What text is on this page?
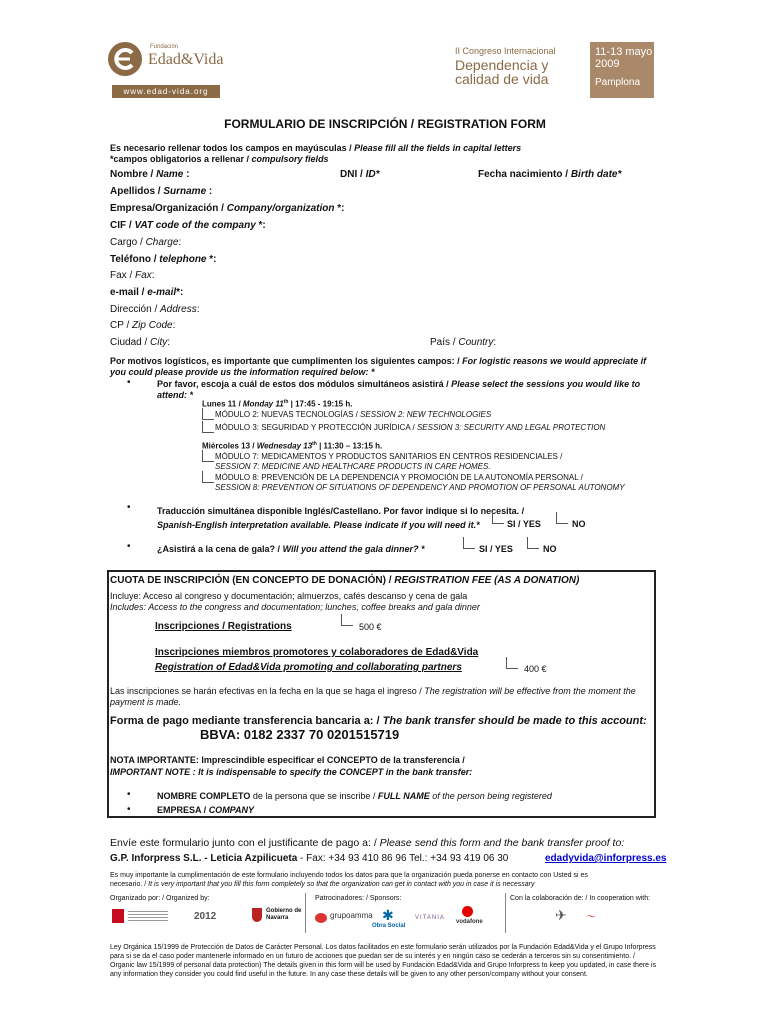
Fundación
Edad&Vida
www.edad-vida.org
II Congreso Internacional
Dependencia y
calidad de vida
11-13 mayo
2009
Pamplona
FORMULARIO DE INSCRIPCIÓN / REGISTRATION FORM
Es necesario rellenar todos los campos en mayúsculas / Please fill all the fields in capital letters
*campos obligatorios a rellenar / compulsory fields
Nombre / Name :	DNI / ID*	Fecha nacimiento / Birth date*
Apellidos / Surname :
Empresa/Organización / Company/organization *:
CIF / VAT code of the company *:
Cargo / Charge:
Teléfono / telephone *:
Fax / Fax:
e-mail / e-mail*:
Dirección / Address:
CP / Zip Code:
Ciudad / City:	País / Country:
Por motivos logísticos, es importante que cumplimenten los siguientes campos: / For logistic reasons we would appreciate if
you could please provide us the information required below: *
•	Por favor, escoja a cuál de estos dos módulos simultáneos asistirá / Please select the sessions you would like to
attend: *
Lunes 11 / Monday 11th | 17:45 - 19:15 h.
MÓDULO 2: NUEVAS TECNOLOGÍAS / SESSION 2: NEW TECHNOLOGIES
MÓDULO 3: SEGURIDAD Y PROTECCIÓN JURÍDICA / SESSION 3: SECURITY AND LEGAL PROTECTION
Miércoles 13 / Wednesday 13th | 11:30 – 13:15 h.
MÓDULO 7: MEDICAMENTOS Y PRODUCTOS SANITARIOS EN CENTROS RESIDENCIALES /
SESSION 7: MEDICINE AND HEALTHCARE PRODUCTS IN CARE HOMES.
MÓDULO 8: PREVENCIÓN DE LA DEPENDENCIA Y PROMOCIÓN DE LA AUTONOMÍA PERSONAL /
SESSION 8: PREVENTION OF SITUATIONS OF DEPENDENCY AND PROMOTION OF PERSONAL AUTONOMY
•	Traducción simultánea disponible Inglés/Castellano. Por favor indique si lo necesita. /
Spanish-English interpretation available. Please indicate if you will need it.*	SI / YES	NO
•	¿Asistirá a la cena de gala? / Will you attend the gala dinner? *	SI / YES	NO
CUOTA DE INSCRIPCIÓN (EN CONCEPTO DE DONACIÓN) / REGISTRATION FEE (AS A DONATION)
Incluye: Acceso al congreso y documentación; almuerzos, cafés descanso y cena de gala
Includes: Access to the congress and documentation; lunches, coffee breaks and gala dinner
Inscripciones / Registrations	500 €
Inscripciones miembros promotores y colaboradores de Edad&Vida
Registration of Edad&Vida promoting and collaborating partners	400 €
Las inscripciones se harán efectivas en la fecha en la que se haga el ingreso / The registration will be effective from the moment the
payment is made.
Forma de pago mediante transferencia bancaria a: / The bank transfer should be made to this account:
BBVA: 0182 2337 70 0201515719
NOTA IMPORTANTE: Imprescindible especificar el CONCEPTO de la transferencia /
IMPORTANT NOTE : It is indispensable to specify the CONCEPT in the bank transfer:
•	NOMBRE COMPLETO de la persona que se inscribe / FULL NAME of the person being registered
•	EMPRESA / COMPANY
Envíe este formulario junto con el justificante de pago a: / Please send this form and the bank transfer proof to:
G.P. Inforpress S.L. - Leticia Azpilicueta - Fax: +34 93 410 86 96 Tel.: +34 93 419 06 30	edadyvida@inforpress.es
Es muy importante la cumplimentación de este formulario incluyendo todos los datos para que la organización pueda ponerse en contacto con Usted si es
necesario. / It is very important that you fill this form completely so that the organization can get in contact with you in case it is necessary
Organizado por: / Organized by:	Patrocinadores: / Sponsors:	Con la colaboración de: / In cooperation with:
2012	Gobierno de Navarra	grupoamma
Obra Social
✱	VITANIA
vodafone	✈ 〜
Ley Orgánica 15/1999 de Protección de Datos de Carácter Personal. Los datos facilitados en este formulario serán utilizados por la Fundación Edad&Vida y el Grupo Inforpress para si se da el caso poder mantenerle informado en un futuro de acciones que puedan ser de su interés y en ningún caso se cederán a terceros sin su consentimiento. / Organic law 15/1999 of personal data protection) The details given in this form will be used by Fundación Edad&Vida and Grupo Inforpress to keep you updated, in case there is any information they consider you could find useful in the future. In any case these details will be given to any other person/company without your consent.
